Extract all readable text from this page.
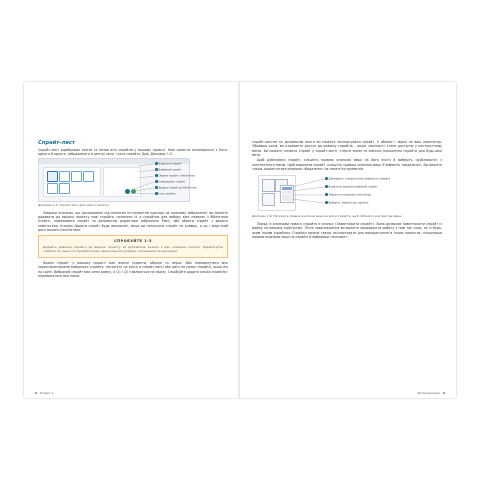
Спрайт-лист

Спрайт-лист відображає ескізи та назви всіх спрайтів у вашому проєкті. Нові проєкти починаються з Кота-одного й одного, зображеного в центрі поля, і кота спрайта. Див. Діаграму 1-5.

Видалити спрайт
Вибраний спрайт
Обрати спрайт з бібліотеки
Намалювати спрайт
Додати спрайт до бібліотеки
Інші спрайти
Діаграма 1-5. Спрайт-лист для нового проєкту

Завдяки кнопкам, що розташовані під панеллю інструментів курсора на кожному зображенні, ви можете додавати до вашого проєкту нові спрайти, починати їх із спрайтом для вибору вже наявних з бібліотеки Scratch, намалювати спрайт за допомогою редактора зображень Paint, або обрати спрайт з вашого комп'ютера. Кнопки Додати спрайт буде викликані, якщо ви натиснули спрайт на клавіші, а це і жорсткий диск вашого комп'ютера.

СПРОБУЙТЕ 1-3

Додайте довільні спрайти до вашого проєкту за допомогою кожної з цих чотирьох кнопок. Перетягуйте спрайти по сцені та спробуйте різні змінні їхнього розміру, положення та орієнтації.

Кожен спрайт у вашому проєкті має власні скрипти, образи та звуки. Або перемкнутися між характеристиками вибраного спрайта, натисніть на ескізі в спрайт-листі або двічі на назву спрайта, якщо він на сцені. Вибраний спрайт має синю рамку, а (1) і (2) з'являються на ньому. Спробуйте додати кілька спрайтів і перемикатися між ними.

8 Розділ 1

спрайт-листом за допомогою якого ви можете експортувати спрайт, її образи і звуки на ваш комп'ютер. Обравши котів, ви отримаєте доступ до режиму спрайтів – опція «експорт» стане доступна у контекстному меню. Ви можете назвати спрайт у спрайт-листі, стерти зміни та змінити положення спрайта для будь-якої мети.

Щоб дублювати спрайт, клацніть правою кнопкою миші на його ескізі й виберіть «дублювати» з контекстного меню. Щоб видалити спрайт, клацніть правою кнопкою миші й виберіть «видалити». Ви можете також скористатися кнопкою «Видалити» на панелі інструментів.

Дублювати: створює копію вибраного спрайта
Видалити: видаляє вибраний спрайт
Зберегти на вашому комп'ютері
Виберіть: перейти до спрайта
Діаграма 1-6. Натисніть правою кнопкою миші на ескізі спрайта, щоб побачити контекстне меню.

Поряд із кнопками нового спрайта є кнопка «Завантажити спрайт». Вона дозволяє завантажити спрайт із файлу на вашому комп'ютері. Після завантаження ви можете продовжити роботу з ним так само, як із будь-яким іншим спрайтом. Спрайти можна також експортувати для використання в інших проєктах, клацнувши правою кнопкою миші на спрайті й вибравши «експорт».

Розпочинаємо 9
